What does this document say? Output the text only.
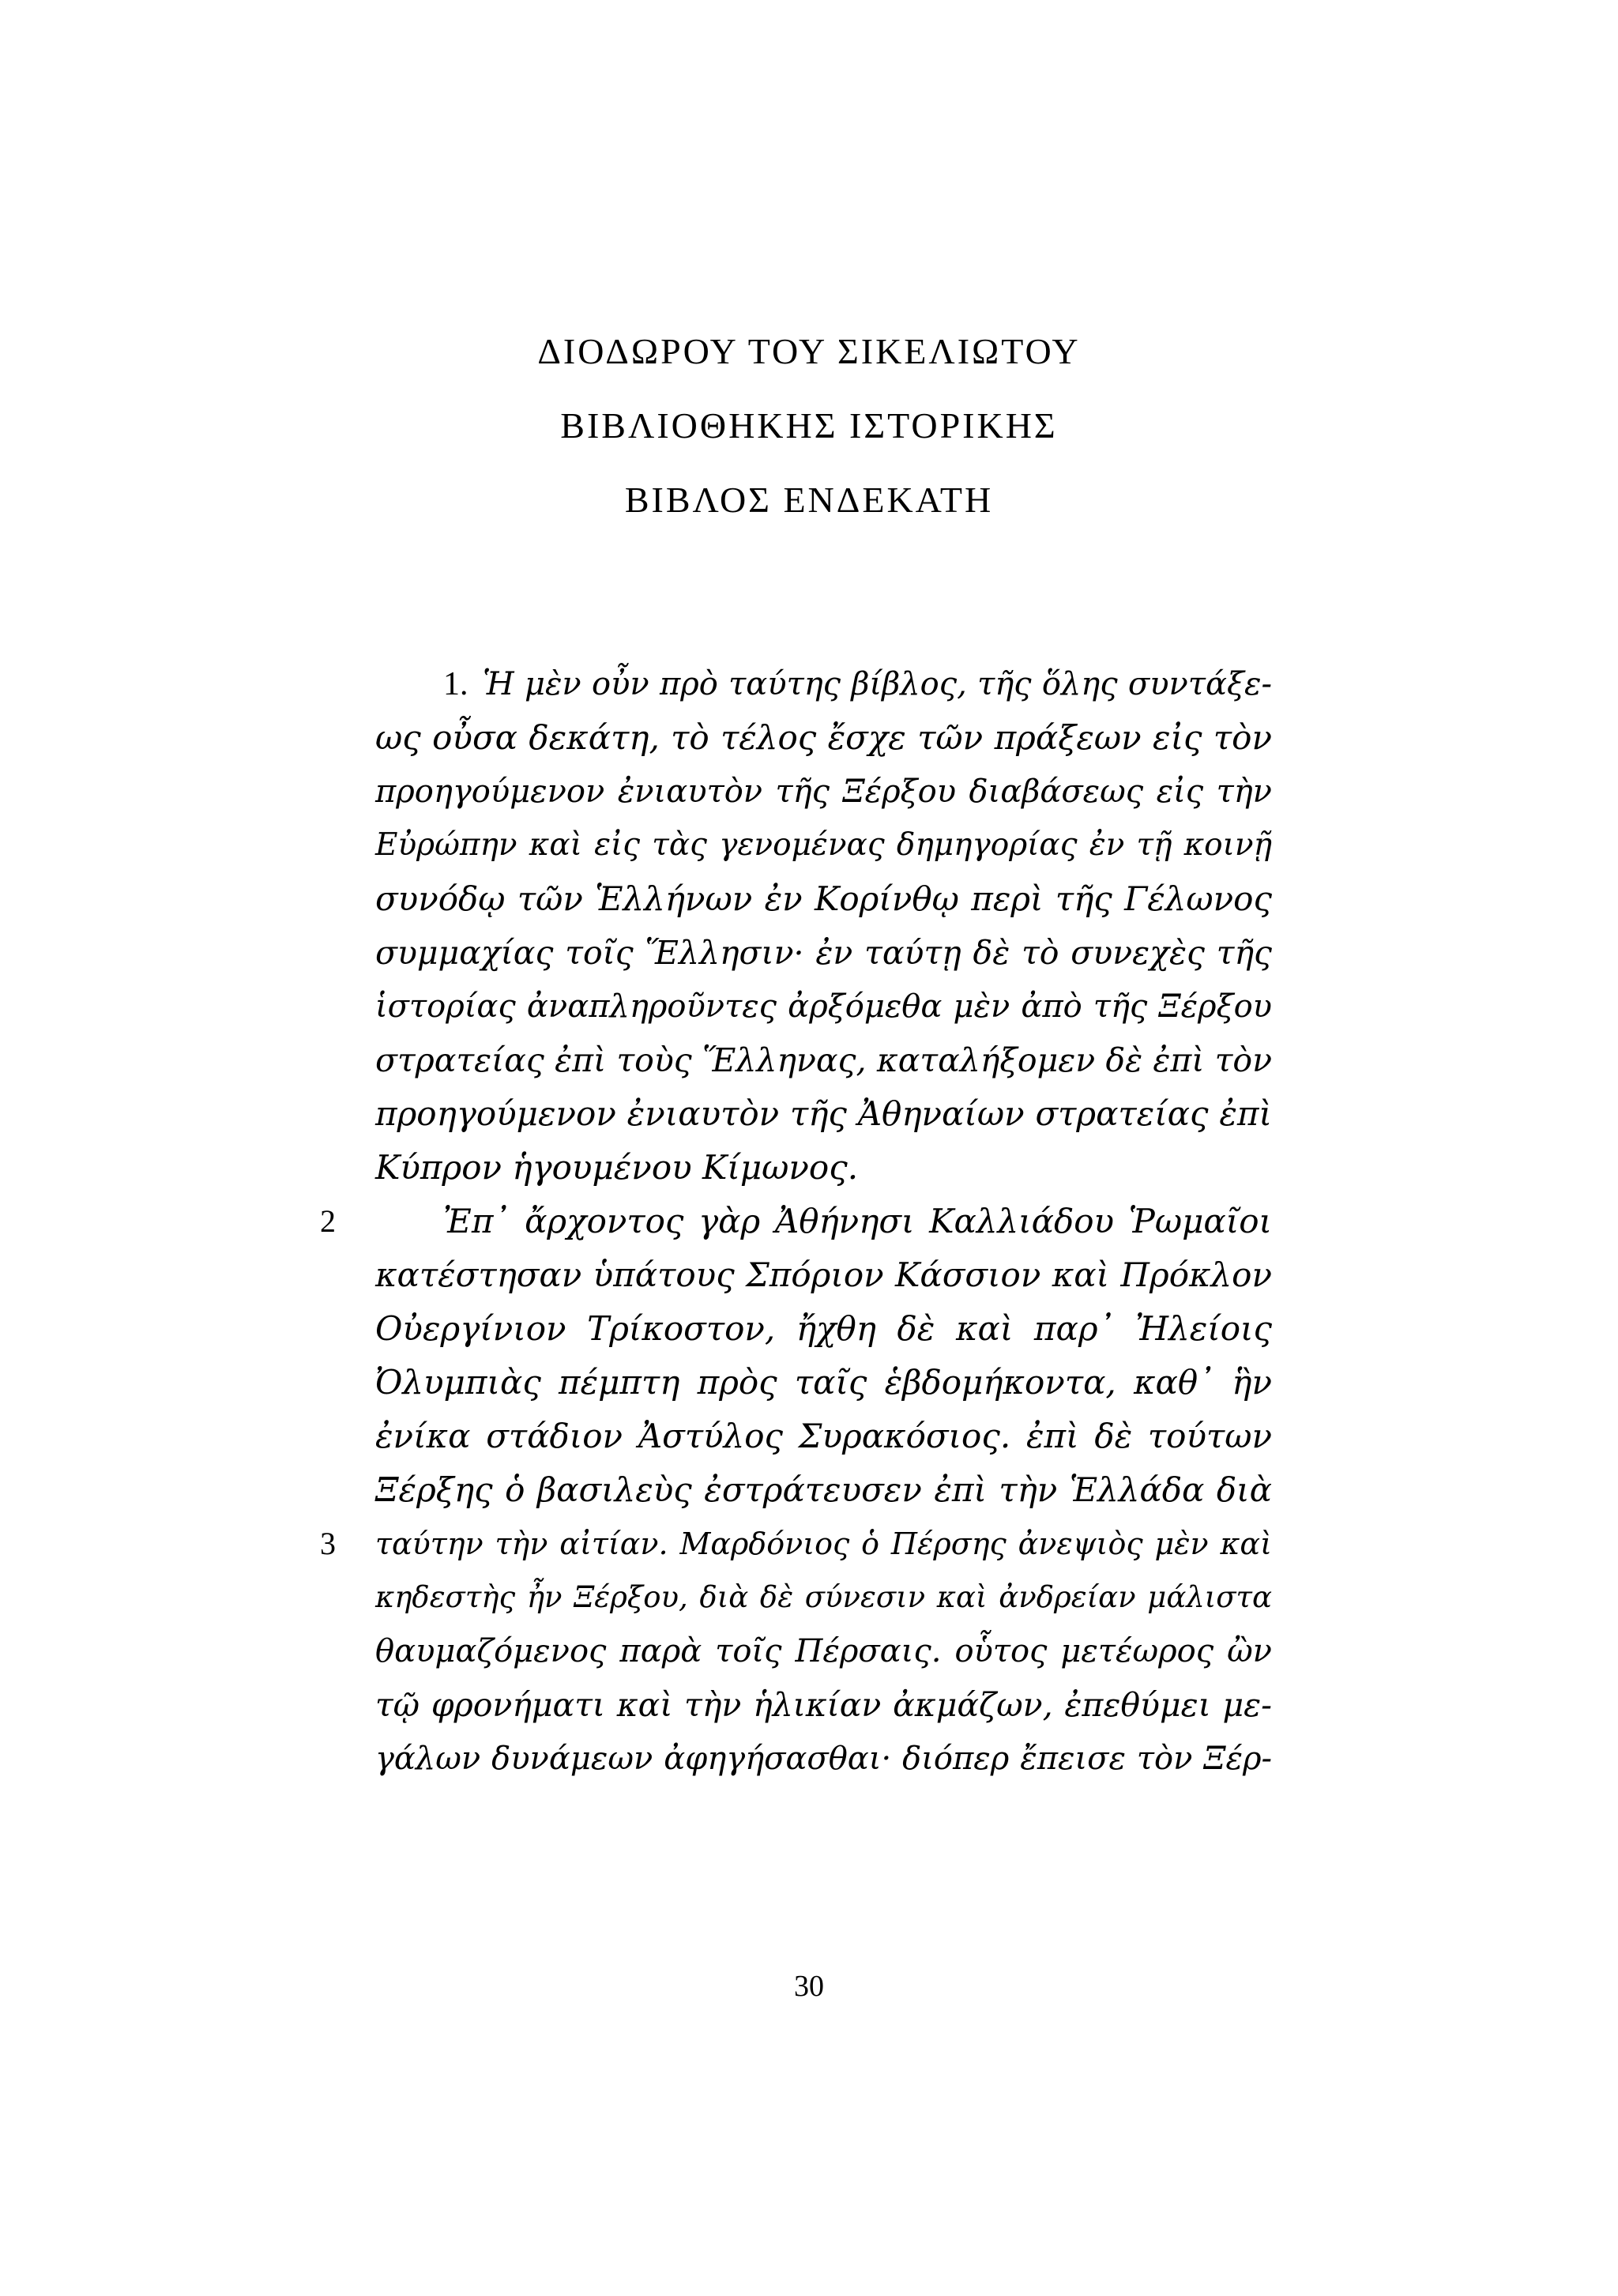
ΔΙΟΔΩΡΟΥ ΤΟΥ ΣΙΚΕΛΙΩΤΟΥ
ΒΙΒΛΙΟΘΗΚΗΣ ΙΣΤΟΡΙΚΗΣ
ΒΙΒΛΟΣ ΕΝΔΕΚΑΤΗ
1. Ἡ μὲν οὖν πρὸ ταύτης βίβλος, τῆς ὅλης συντάξε-
ως οὖσα δεκάτη, τὸ τέλος ἔσχε τῶν πράξεων εἰς τὸν
προηγούμενον ἐνιαυτὸν τῆς Ξέρξου διαβάσεως εἰς τὴν
Εὐρώπην καὶ εἰς τὰς γενομένας δημηγορίας ἐν τῇ κοινῇ
συνόδῳ τῶν Ἑλλήνων ἐν Κορίνθῳ περὶ τῆς Γέλωνος
συμμαχίας τοῖς Ἕλλησιν· ἐν ταύτῃ δὲ τὸ συνεχὲς τῆς
ἱστορίας ἀναπληροῦντες ἀρξόμεθα μὲν ἀπὸ τῆς Ξέρξου
στρατείας ἐπὶ τοὺς Ἕλληνας, καταλήξομεν δὲ ἐπὶ τὸν
προηγούμενον ἐνιαυτὸν τῆς Ἀθηναίων στρατείας ἐπὶ
Κύπρον ἡγουμένου Κίμωνος.
2	Ἐπ᾿ ἄρχοντος γὰρ Ἀθήνησι Καλλιάδου Ῥωμαῖοι
κατέστησαν ὑπάτους Σπόριον Κάσσιον καὶ Πρόκλον
Οὐεργίνιον Τρίκοστον, ἤχθη δὲ καὶ παρ᾿ Ἠλείοις
Ὀλυμπιὰς πέμπτη πρὸς ταῖς ἑβδομήκοντα, καθ᾿ ἣν
ἐνίκα στάδιον Ἀστύλος Συρακόσιος. ἐπὶ δὲ τούτων
Ξέρξης ὁ βασιλεὺς ἐστράτευσεν ἐπὶ τὴν Ἑλλάδα διὰ
3 ταύτην τὴν αἰτίαν. Μαρδόνιος ὁ Πέρσης ἀνεψιὸς μὲν καὶ
κηδεστὴς ἦν Ξέρξου, διὰ δὲ σύνεσιν καὶ ἀνδρείαν μάλιστα
θαυμαζόμενος παρὰ τοῖς Πέρσαις. οὗτος μετέωρος ὢν
τῷ φρονήματι καὶ τὴν ἡλικίαν ἀκμάζων, ἐπεθύμει με-
γάλων δυνάμεων ἀφηγήσασθαι· διόπερ ἔπεισε τὸν Ξέρ-
30
